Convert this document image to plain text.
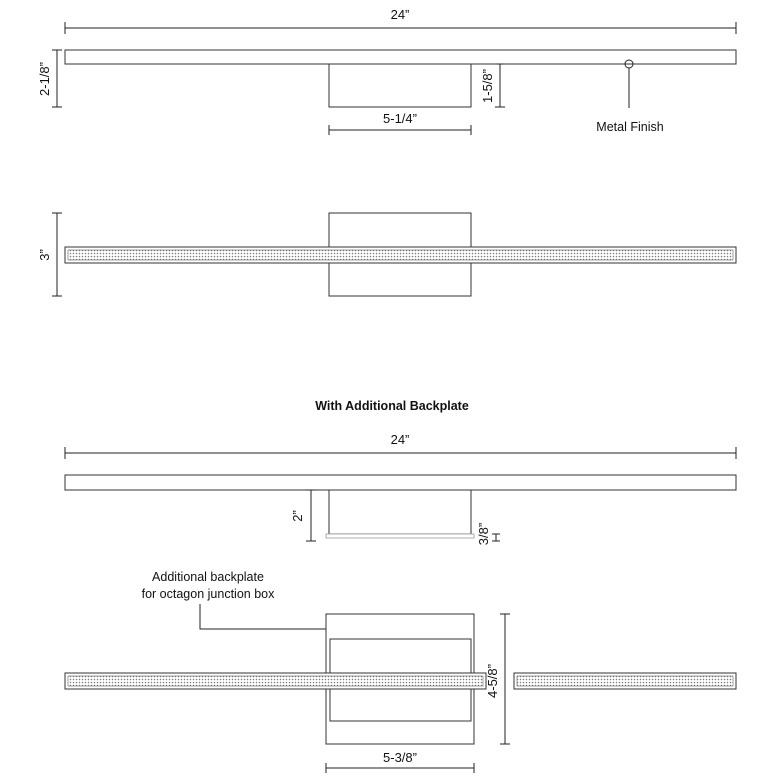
24”
2-1/8”	1-5/8”
5-1/4”
Metal Finish
3”
With Additional Backplate
24”
2”
3/8”
Additional backplate
for octagon junction box
4-5/8”
5-3/8”
